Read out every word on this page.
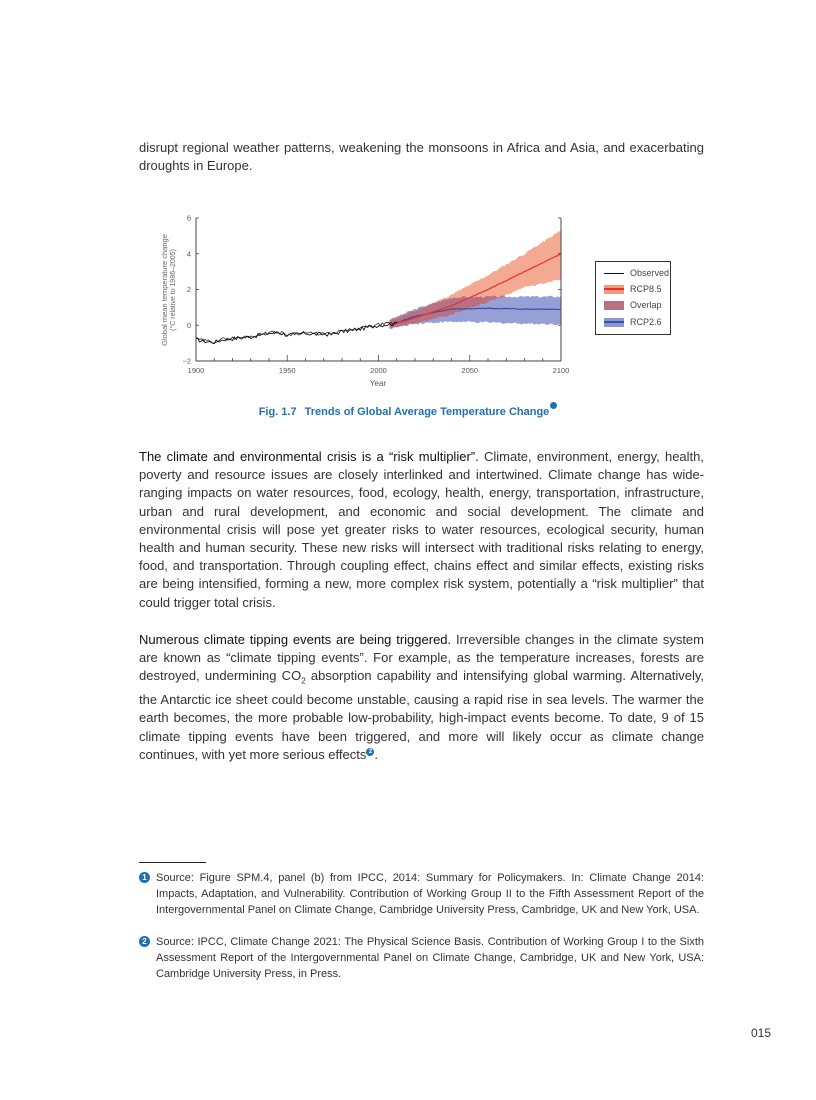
disrupt regional weather patterns, weakening the monsoons in Africa and Asia, and exacerbating droughts in Europe.

1900	1950	2000	2050	2100
−2
0
2
4
6
Year
Global mean temperature change (°C relative to 1986–2005)	Observed
RCP8.5
Overlap
RCP2.6
Fig. 1.7 Trends of Global Average Temperature Change

The climate and environmental crisis is a “risk multiplier”. Climate, environment, energy, health, poverty and resource issues are closely interlinked and intertwined. Climate change has wide-ranging impacts on water resources, food, ecology, health, energy, transportation, infrastructure, urban and rural development, and economic and social development. The climate and environmental crisis will pose yet greater risks to water resources, ecological security, human health and human security. These new risks will intersect with traditional risks relating to energy, food, and transportation. Through coupling effect, chains effect and similar effects, existing risks are being intensified, forming a new, more complex risk system, potentially a “risk multiplier” that could trigger total crisis.

Numerous climate tipping events are being triggered. Irreversible changes in the climate system are known as “climate tipping events”. For example, as the temperature increases, forests are destroyed, undermining $CO_2$ absorption capability and intensifying global warming. Alternatively, the Antarctic ice sheet could become unstable, causing a rapid rise in sea levels. The warmer the earth becomes, the more probable low-probability, high-impact events become. To date, 9 of 15 climate tipping events have been triggered, and more will likely occur as climate change continues, with yet more serious effects 2 .

1 Source: Figure SPM.4, panel (b) from IPCC, 2014: Summary for Policymakers. In: Climate Change 2014: Impacts, Adaptation, and Vulnerability. Contribution of Working Group II to the Fifth Assessment Report of the Intergovernmental Panel on Climate Change, Cambridge University Press, Cambridge, UK and New York, USA.
2 Source: IPCC, Climate Change 2021: The Physical Science Basis. Contribution of Working Group I to the Sixth Assessment Report of the Intergovernmental Panel on Climate Change, Cambridge, UK and New York, USA: Cambridge University Press, in Press.
015
